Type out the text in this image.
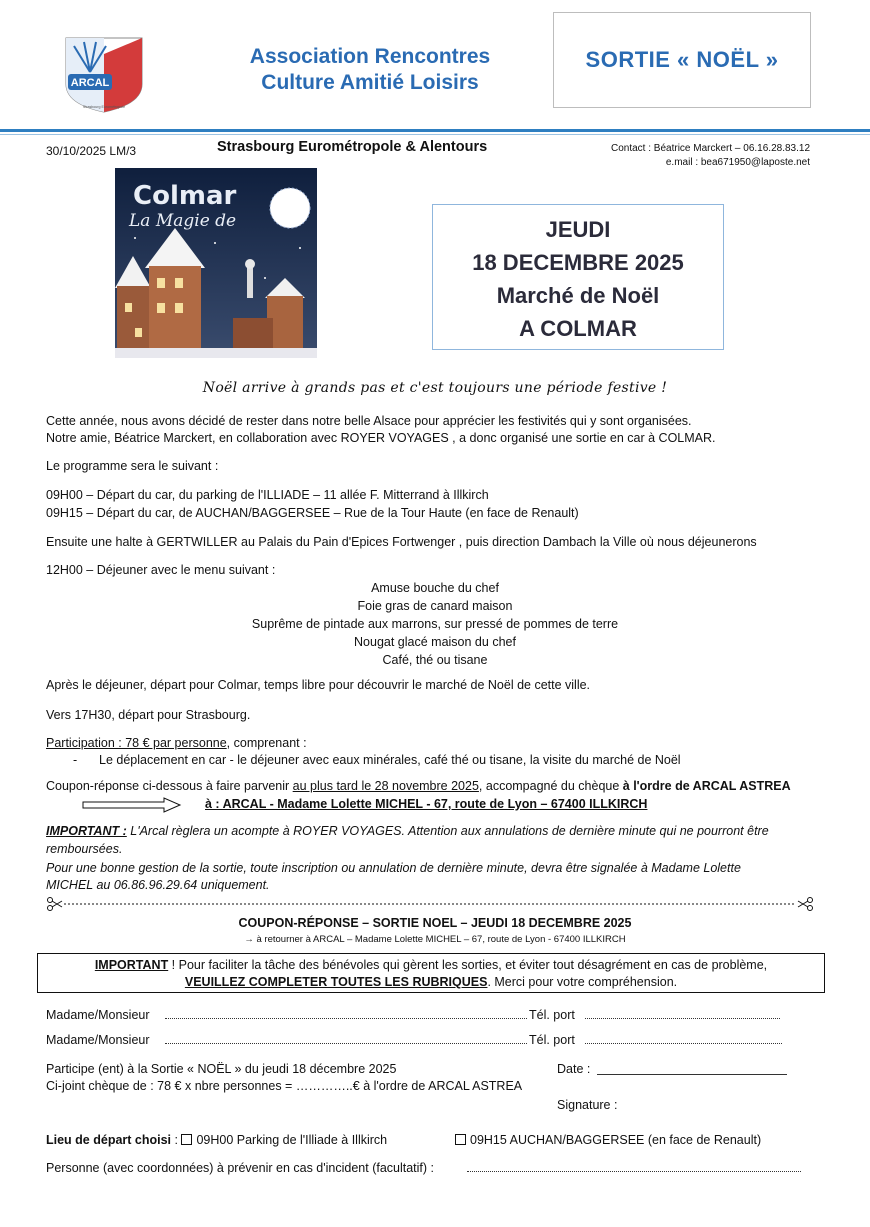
ARCAL
Strasbourg Eurométropole
Association Rencontres
Culture Amitié Loisirs
SORTIE « NOËL »
30/10/2025 LM/3	Strasbourg Eurométropole & Alentours	Contact : Béatrice Marckert – 06.16.28.83.12
e.mail : bea671950@laposte.net
Colmar
La Magie de	JEUDI
18 DECEMBRE 2025
Marché de Noël
A COLMAR
Noël arrive à grands pas et c'est toujours une période festive !
Cette année, nous avons décidé de rester dans notre belle Alsace pour apprécier les festivités qui y sont organisées.
Notre amie, Béatrice Marckert, en collaboration avec ROYER VOYAGES , a donc organisé une sortie en car à COLMAR.
Le programme sera le suivant :
09H00 – Départ du car, du parking de l'ILLIADE – 11 allée F. Mitterrand à Illkirch
09H15 – Départ du car, de AUCHAN/BAGGERSEE – Rue de la Tour Haute (en face de Renault)
Ensuite une halte à GERTWILLER au Palais du Pain d'Epices Fortwenger , puis direction Dambach la Ville où nous déjeunerons
12H00 – Déjeuner avec le menu suivant :
Amuse bouche du chef
Foie gras de canard maison
Suprême de pintade aux marrons, sur pressé de pommes de terre
Nougat glacé maison du chef
Café, thé ou tisane
Après le déjeuner, départ pour Colmar, temps libre pour découvrir le marché de Noël de cette ville.
Vers 17H30, départ pour Strasbourg.
Participation : 78 € par personne, comprenant :
- Le déplacement en car - le déjeuner avec eaux minérales, café thé ou tisane, la visite du marché de Noël
Coupon-réponse ci-dessous à faire parvenir au plus tard le 28 novembre 2025, accompagné du chèque à l'ordre de ARCAL ASTREA
à : ARCAL - Madame Lolette MICHEL - 67, route de Lyon – 67400 ILLKIRCH
IMPORTANT : L'Arcal règlera un acompte à ROYER VOYAGES. Attention aux annulations de dernière minute qui ne pourront être
remboursées.
Pour une bonne gestion de la sortie, toute inscription ou annulation de dernière minute, devra être signalée à Madame Lolette
MICHEL au 06.86.96.29.64 uniquement.
COUPON-RÉPONSE – SORTIE NOEL – JEUDI 18 DECEMBRE 2025
→ à retourner à ARCAL – Madame Lolette MICHEL – 67, route de Lyon - 67400 ILLKIRCH
IMPORTANT ! Pour faciliter la tâche des bénévoles qui gèrent les sorties, et éviter tout désagrément en cas de problème,
VEUILLEZ COMPLETER TOUTES LES RUBRIQUES. Merci pour votre compréhension.
Madame/Monsieur	Tél. port
Madame/Monsieur	Tél. port
Participe (ent) à la Sortie « NOËL » du jeudi 18 décembre 2025
Ci-joint chèque de : 78 € x nbre personnes = …………..€ à l'ordre de ARCAL ASTREA
Date :
Signature :
Lieu de départ choisi : 09H00 Parking de l'Illiade à Illkirch	09H15 AUCHAN/BAGGERSEE (en face de Renault)
Personne (avec coordonnées) à prévenir en cas d'incident (facultatif) :
